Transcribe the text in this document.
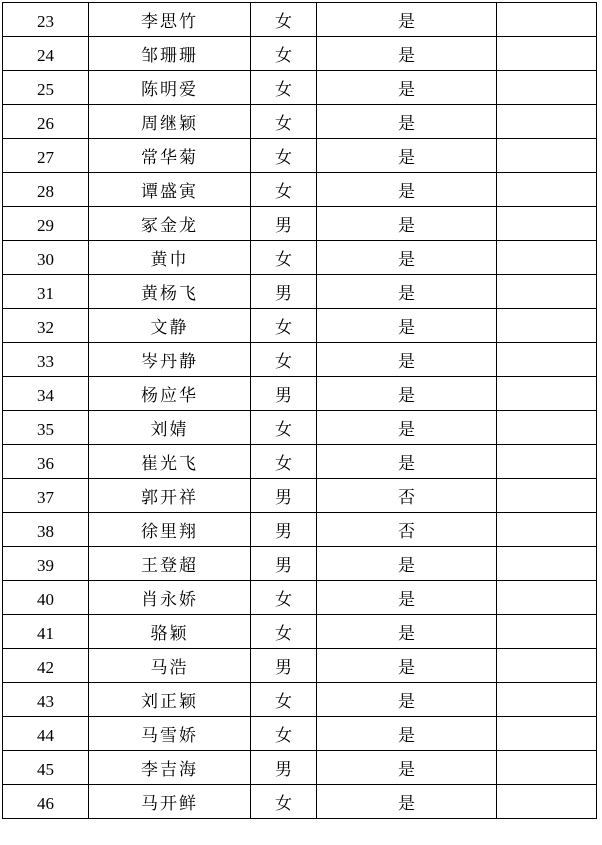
23	李思竹	女	是	
24	邹珊珊	女	是	
25	陈明爱	女	是	
26	周继颖	女	是	
27	常华菊	女	是	
28	谭盛寅	女	是	
29	冢金龙	男	是	
30	黄巾	女	是	
31	黄杨飞	男	是	
32	文静	女	是	
33	岑丹静	女	是	
34	杨应华	男	是	
35	刘婧	女	是	
36	崔光飞	女	是	
37	郭开祥	男	否	
38	徐里翔	男	否	
39	王登超	男	是	
40	肖永娇	女	是	
41	骆颖	女	是	
42	马浩	男	是	
43	刘正颖	女	是	
44	马雪娇	女	是	
45	李吉海	男	是	
46	马开鲜	女	是	
